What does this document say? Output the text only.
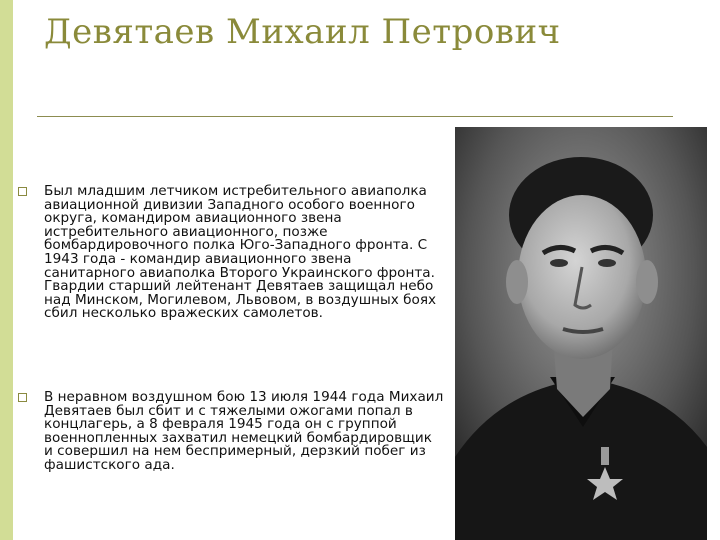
Девятаев Михаил Петрович

Был младшим летчиком истребительного авиаполка авиационной дивизии Западного особого военного округа, командиром авиационного звена истребительного авиационного, позже бомбардировочного полка Юго-Западного фронта. С 1943 года - командир авиационного звена санитарного авиаполка Второго Украинского фронта. Гвардии старший лейтенант Девятаев защищал небо над Минском, Могилевом, Львовом, в воздушных боях сбил несколько вражеских самолетов.

В неравном воздушном бою 13 июля 1944 года Михаил Девятаев был сбит и с тяжелыми ожогами попал в концлагерь, а 8 февраля 1945 года он с группой военнопленных захватил немецкий бомбардировщик и совершил на нем беспримерный, дерзкий побег из фашистского ада.
